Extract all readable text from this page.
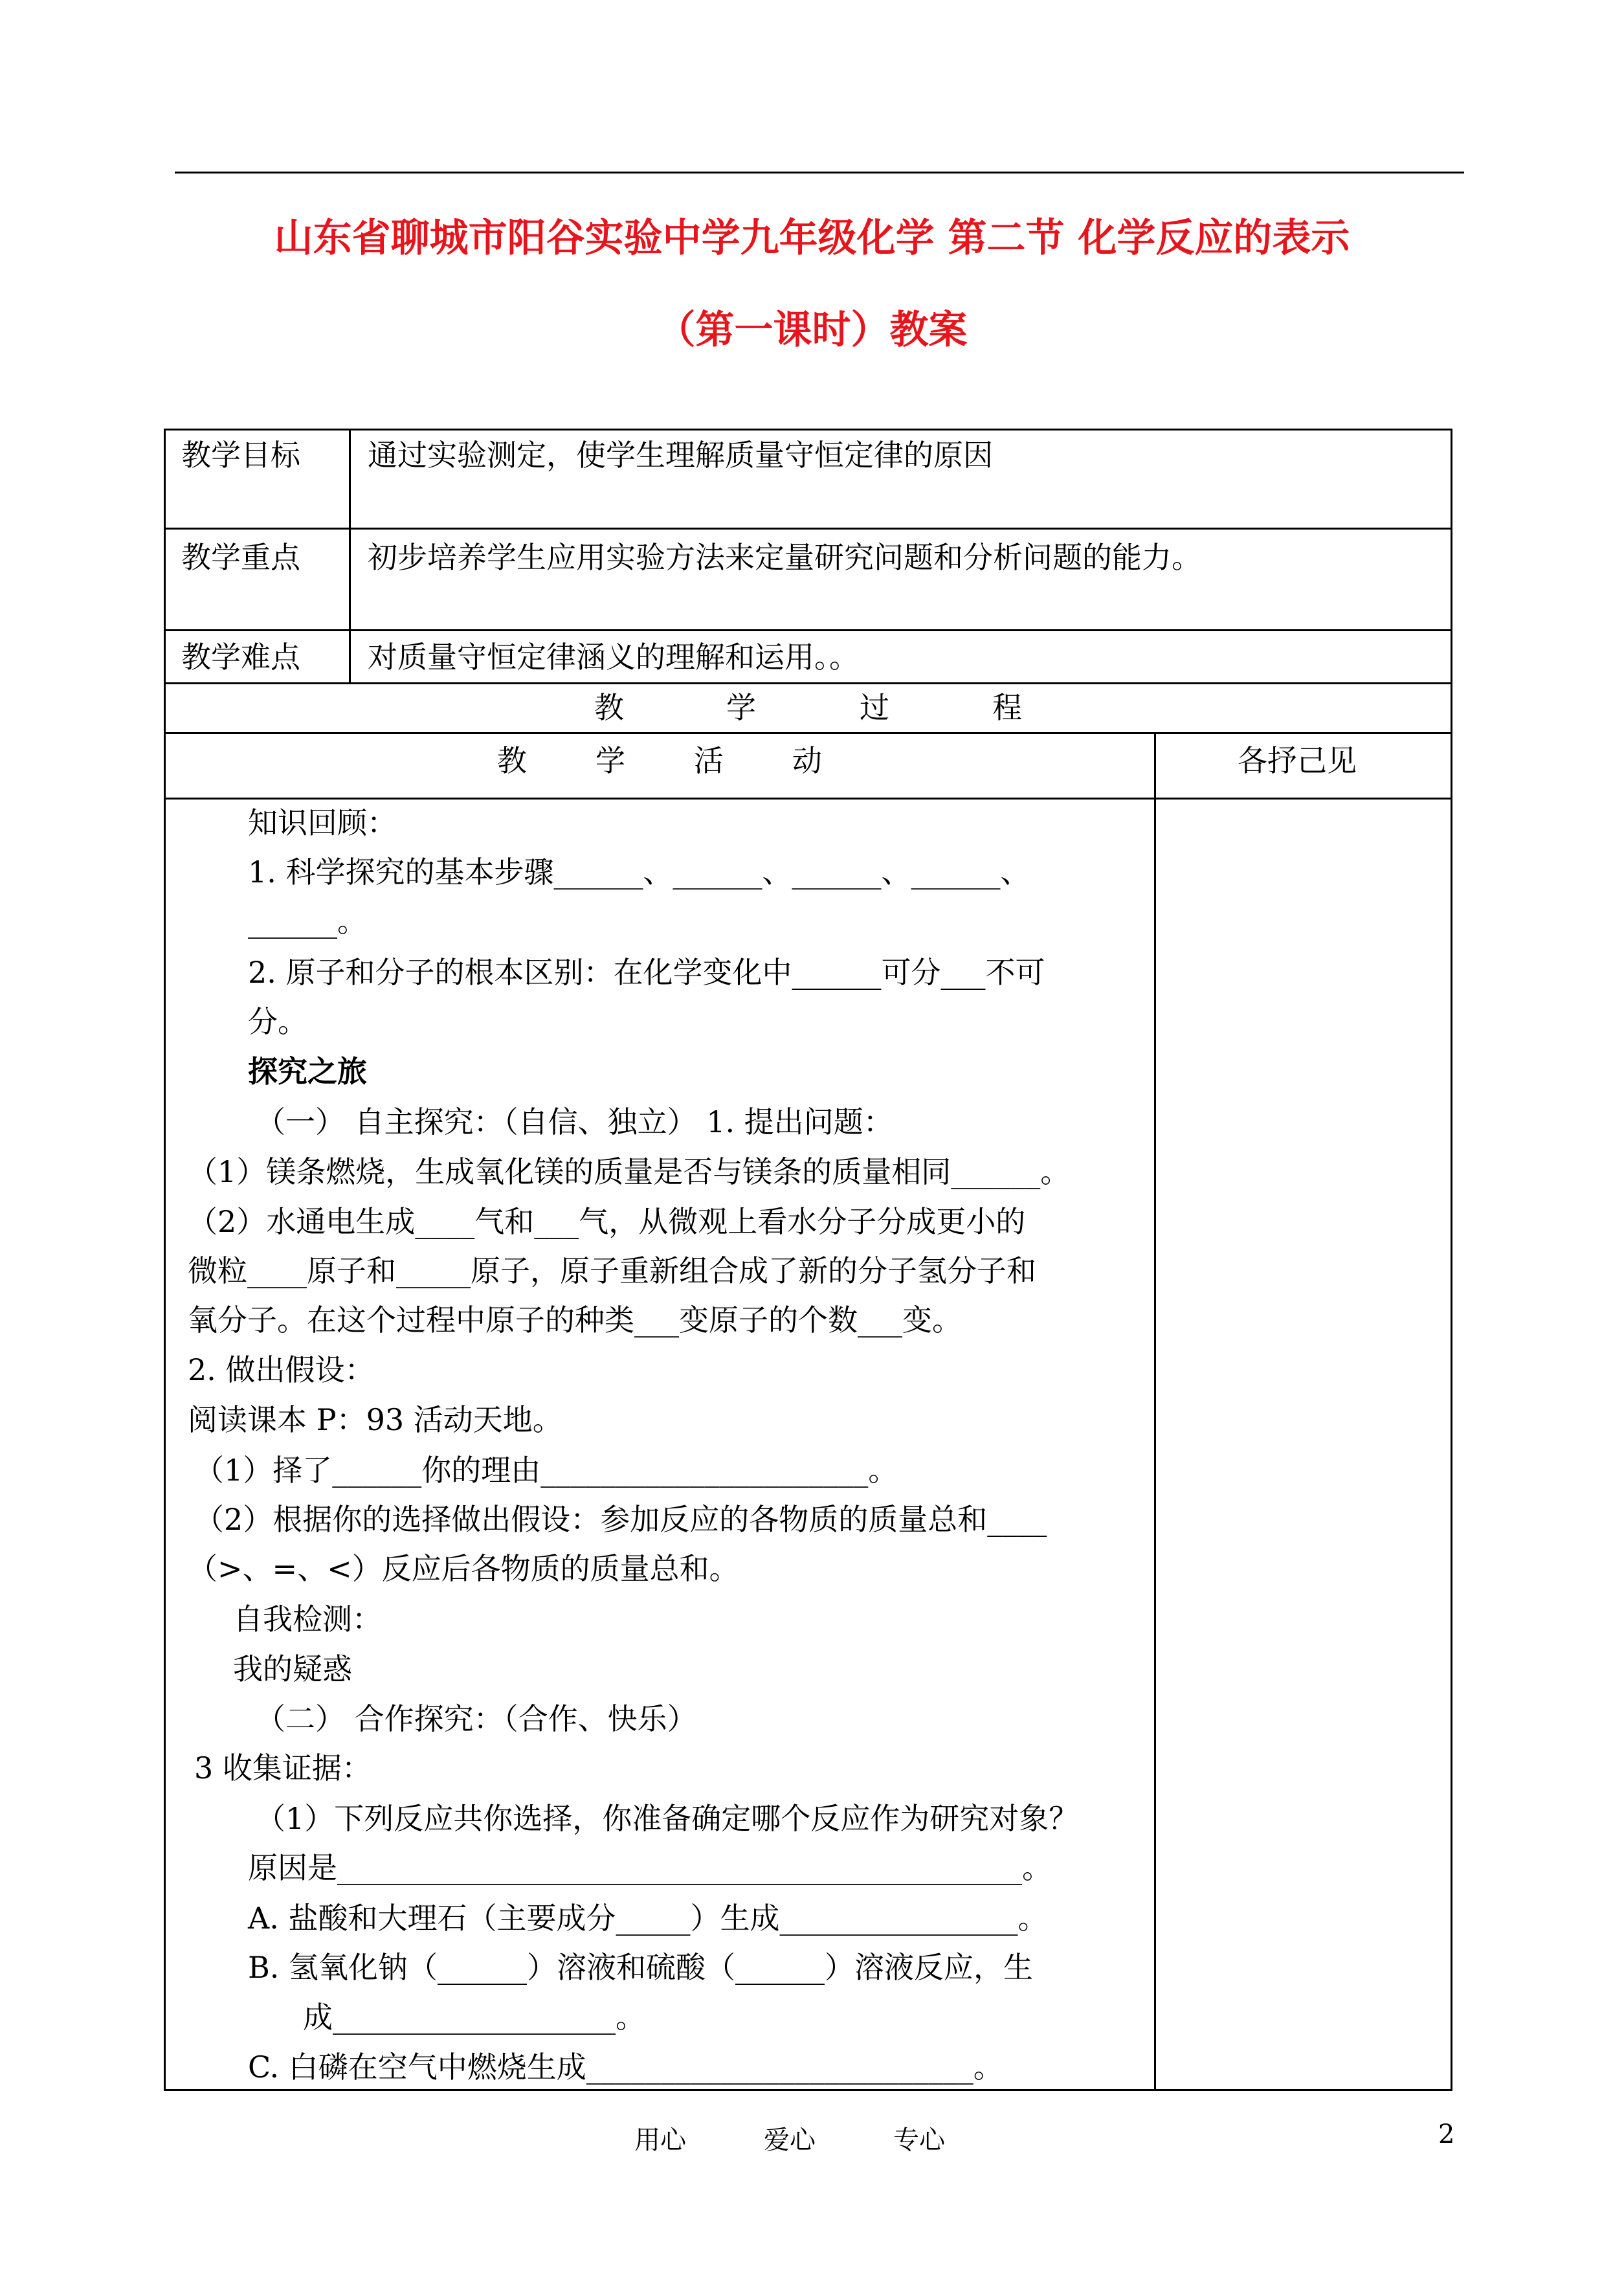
山东省聊城市阳谷实验中学九年级化学 第二节 化学反应的表示
（第一课时）教案
教学目标 通过实验测定，使学生理解质量守恒定律的原因
教学重点 初步培养学生应用实验方法来定量研究问题和分析问题的能力。
教学难点 对质量守恒定律涵义的理解和运用。。
教	学	过	程
教 学 活 动	各抒己见
知识回顾：
1. 科学探究的基本步骤______、______、______、______、
______。
2. 原子和分子的根本区别：在化学变化中______可分___不可
分。
探究之旅
（一） 自主探究：（自信、独立） 1. 提出问题：
（1）镁条燃烧，生成氧化镁的质量是否与镁条的质量相同______。
（2）水通电生成____气和___气，从微观上看水分子分成更小的
微粒____原子和_____原子，原子重新组合成了新的分子氢分子和
氧分子。在这个过程中原子的种类___变原子的个数___变。
2. 做出假设：
阅读课本 P：93 活动天地。
（1）择了______你的理由______________________。
（2）根据你的选择做出假设：参加反应的各物质的质量总和____
（>、=、<）反应后各物质的质量总和。
自我检测：
我的疑惑
（二） 合作探究：（合作、快乐）
3 收集证据：
（1）下列反应共你选择，你准备确定哪个反应作为研究对象？
原因是______________________________________________。
A. 盐酸和大理石（主要成分_____）生成________________。
B. 氢氧化钠（______）溶液和硫酸（______）溶液反应，生
成___________________。
C. 白磷在空气中燃烧生成__________________________。
用心	爱心	专心	2
